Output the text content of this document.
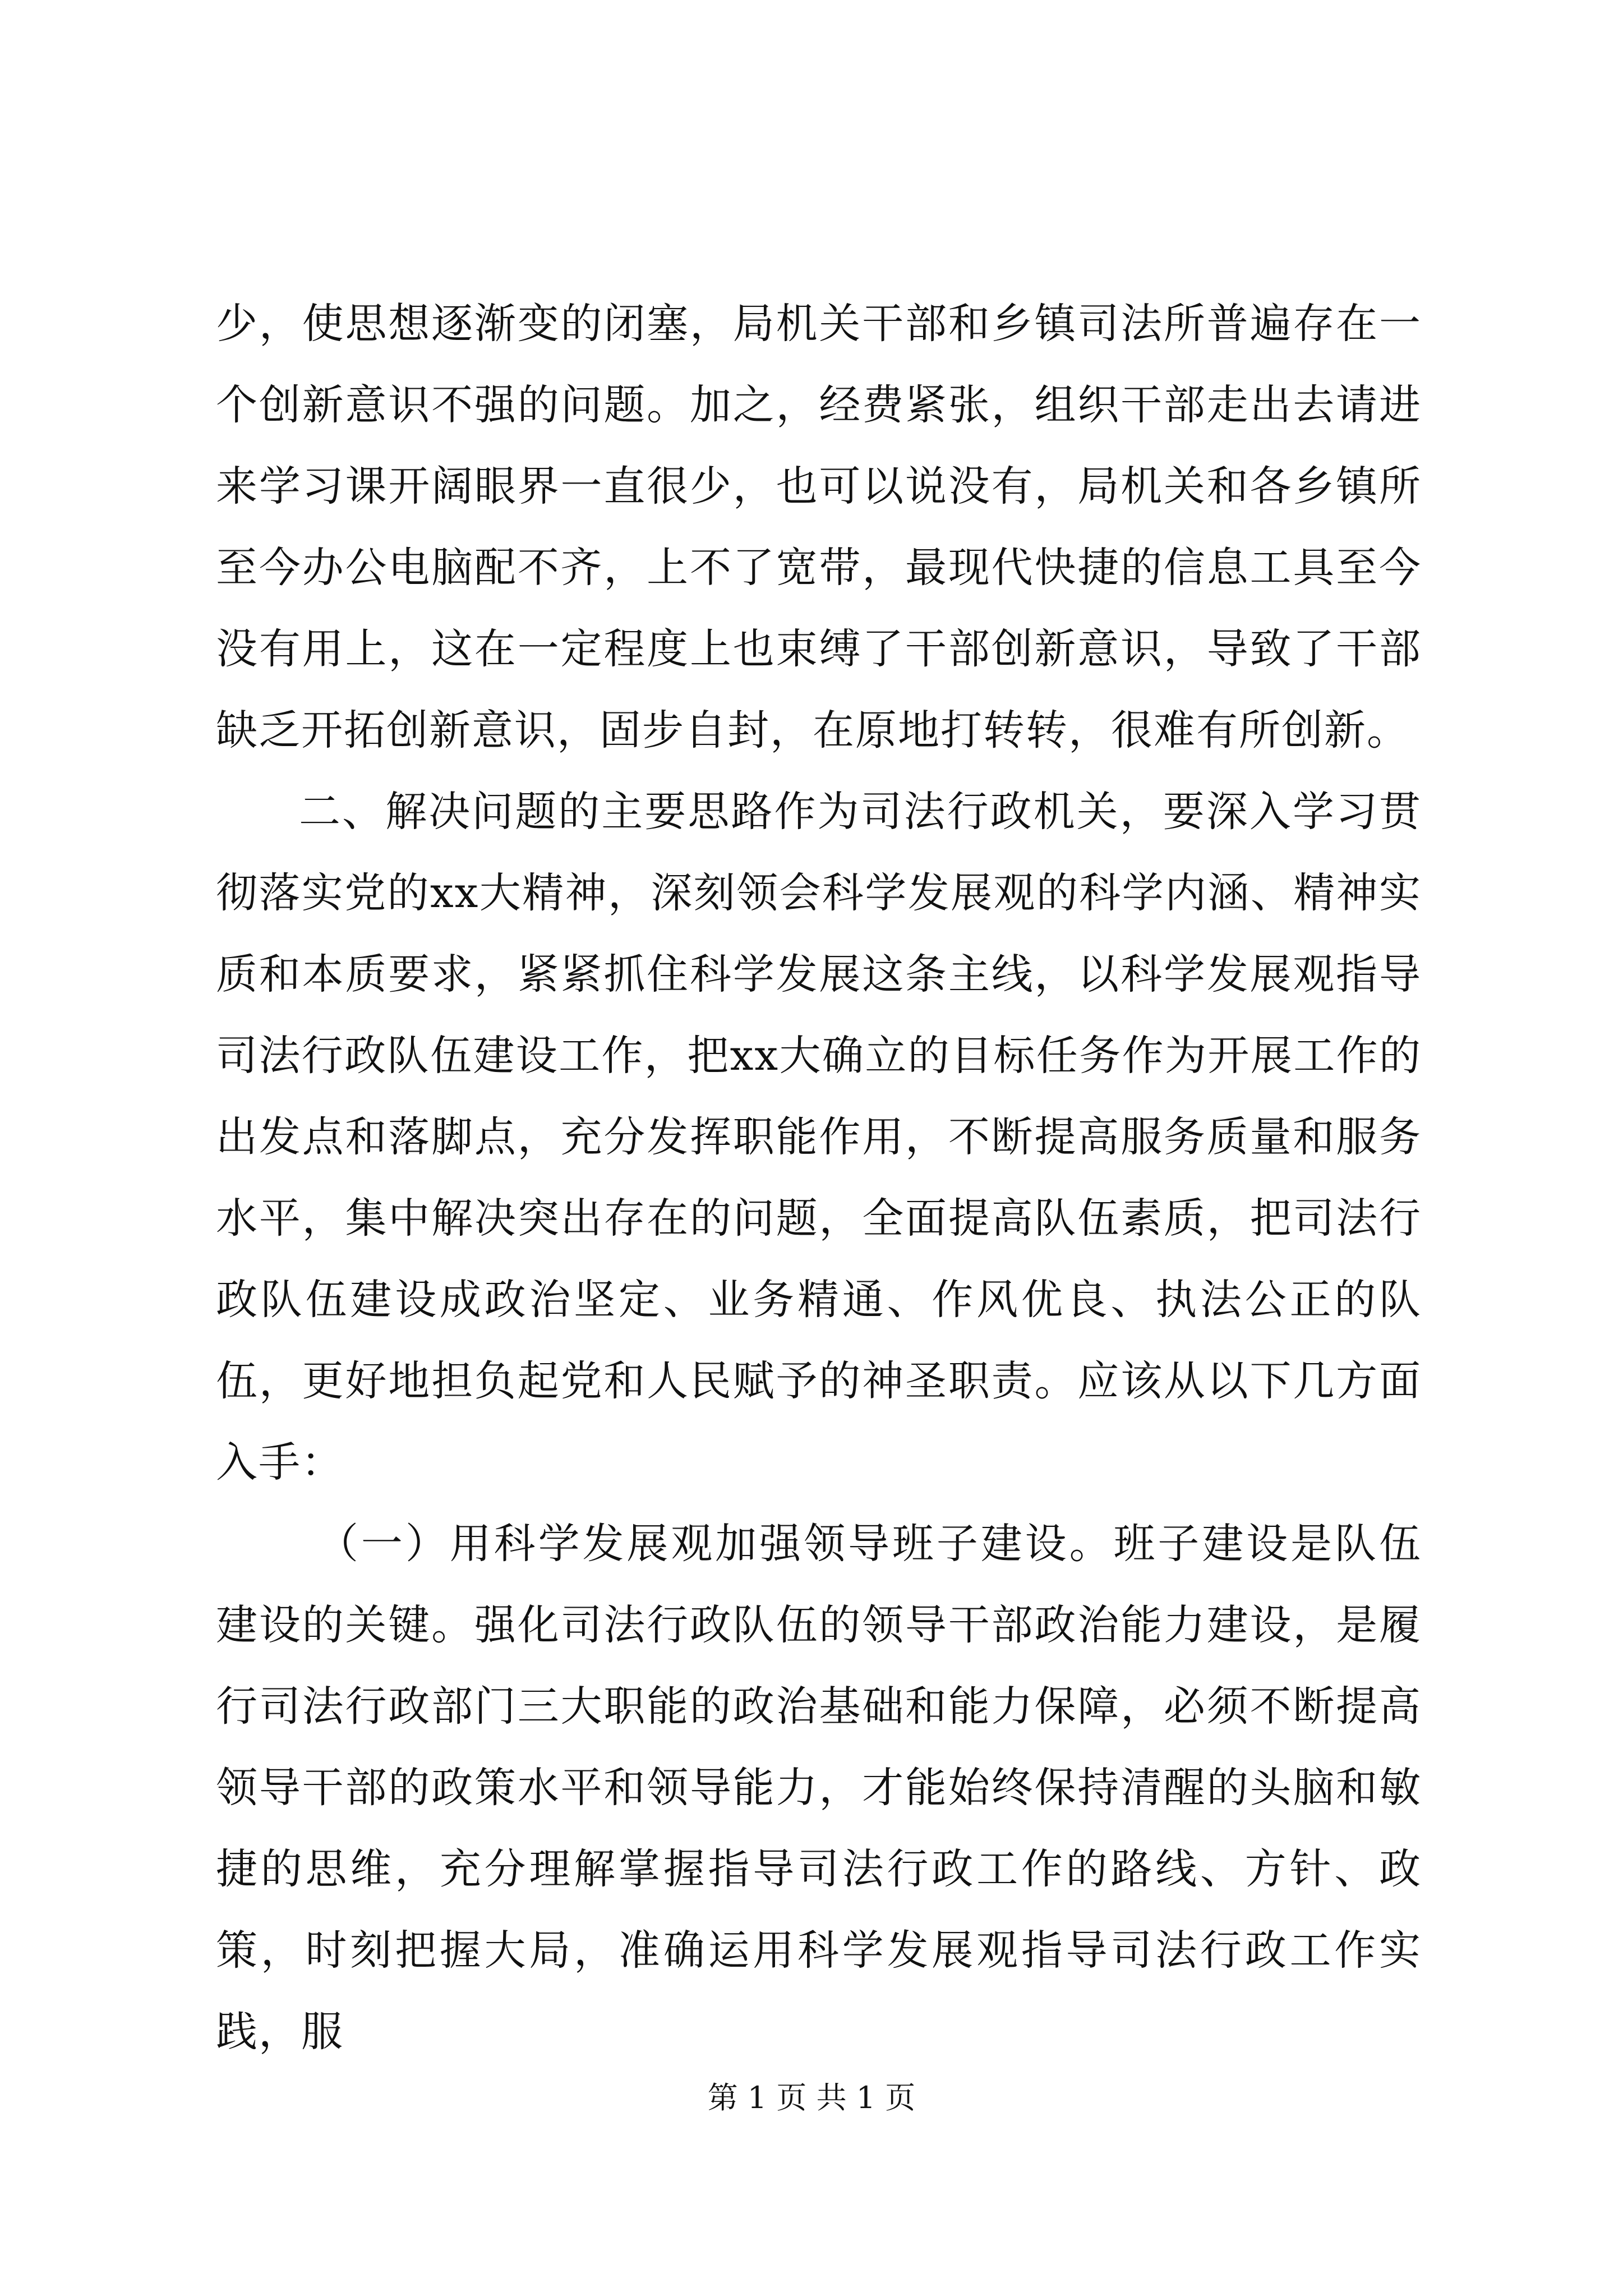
少，使思想逐渐变的闭塞，局机关干部和乡镇司法所普遍存在一个创新意识不强的问题。加之，经费紧张，组织干部走出去请进来学习课开阔眼界一直很少，也可以说没有，局机关和各乡镇所至今办公电脑配不齐，上不了宽带，最现代快捷的信息工具至今没有用上，这在一定程度上也束缚了干部创新意识，导致了干部缺乏开拓创新意识，固步自封，在原地打转转，很难有所创新。

二、解决问题的主要思路作为司法行政机关，要深入学习贯彻落实党的xx大精神，深刻领会科学发展观的科学内涵、精神实质和本质要求，紧紧抓住科学发展这条主线，以科学发展观指导司法行政队伍建设工作，把xx大确立的目标任务作为开展工作的出发点和落脚点，充分发挥职能作用，不断提高服务质量和服务水平，集中解决突出存在的问题，全面提高队伍素质，把司法行政队伍建设成政治坚定、业务精通、作风优良、执法公正的队伍，更好地担负起党和人民赋予的神圣职责。应该从以下几方面入手：

（一）用科学发展观加强领导班子建设。班子建设是队伍建设的关键。强化司法行政队伍的领导干部政治能力建设，是履行司法行政部门三大职能的政治基础和能力保障，必须不断提高领导干部的政策水平和领导能力，才能始终保持清醒的头脑和敏捷的思维，充分理解掌握指导司法行政工作的路线、方针、政策，时刻把握大局，准确运用科学发展观指导司法行政工作实践，服

第 1 页 共 1 页
